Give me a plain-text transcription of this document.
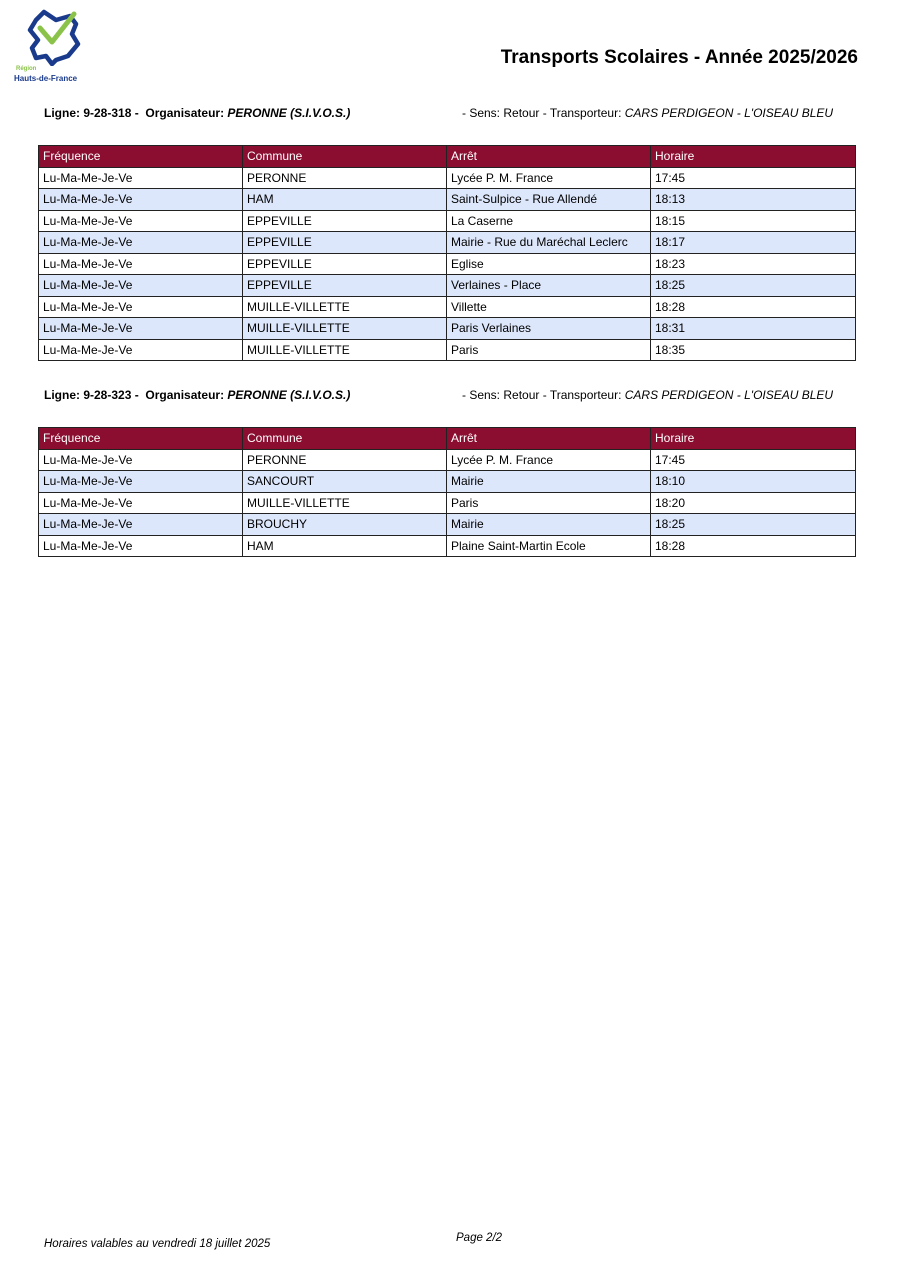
Région
Hauts-de-France
Transports Scolaires - Année 2025/2026
Ligne: 9-28-318 - Organisateur: PERONNE (S.I.V.O.S.)	- Sens: Retour - Transporteur: CARS PERDIGEON - L'OISEAU BLEU
Fréquence	Commune	Arrêt	Horaire
Lu-Ma-Me-Je-Ve	PERONNE	Lycée P. M. France	17:45
Lu-Ma-Me-Je-Ve	HAM	Saint-Sulpice - Rue Allendé	18:13
Lu-Ma-Me-Je-Ve	EPPEVILLE	La Caserne	18:15
Lu-Ma-Me-Je-Ve	EPPEVILLE	Mairie - Rue du Maréchal Leclerc	18:17
Lu-Ma-Me-Je-Ve	EPPEVILLE	Eglise	18:23
Lu-Ma-Me-Je-Ve	EPPEVILLE	Verlaines - Place	18:25
Lu-Ma-Me-Je-Ve	MUILLE-VILLETTE	Villette	18:28
Lu-Ma-Me-Je-Ve	MUILLE-VILLETTE	Paris Verlaines	18:31
Lu-Ma-Me-Je-Ve	MUILLE-VILLETTE	Paris	18:35
Ligne: 9-28-323 - Organisateur: PERONNE (S.I.V.O.S.)	- Sens: Retour - Transporteur: CARS PERDIGEON - L'OISEAU BLEU
Fréquence	Commune	Arrêt	Horaire
Lu-Ma-Me-Je-Ve	PERONNE	Lycée P. M. France	17:45
Lu-Ma-Me-Je-Ve	SANCOURT	Mairie	18:10
Lu-Ma-Me-Je-Ve	MUILLE-VILLETTE	Paris	18:20
Lu-Ma-Me-Je-Ve	BROUCHY	Mairie	18:25
Lu-Ma-Me-Je-Ve	HAM	Plaine Saint-Martin Ecole	18:28
Horaires valables au vendredi 18 juillet 2025	Page 2/2
